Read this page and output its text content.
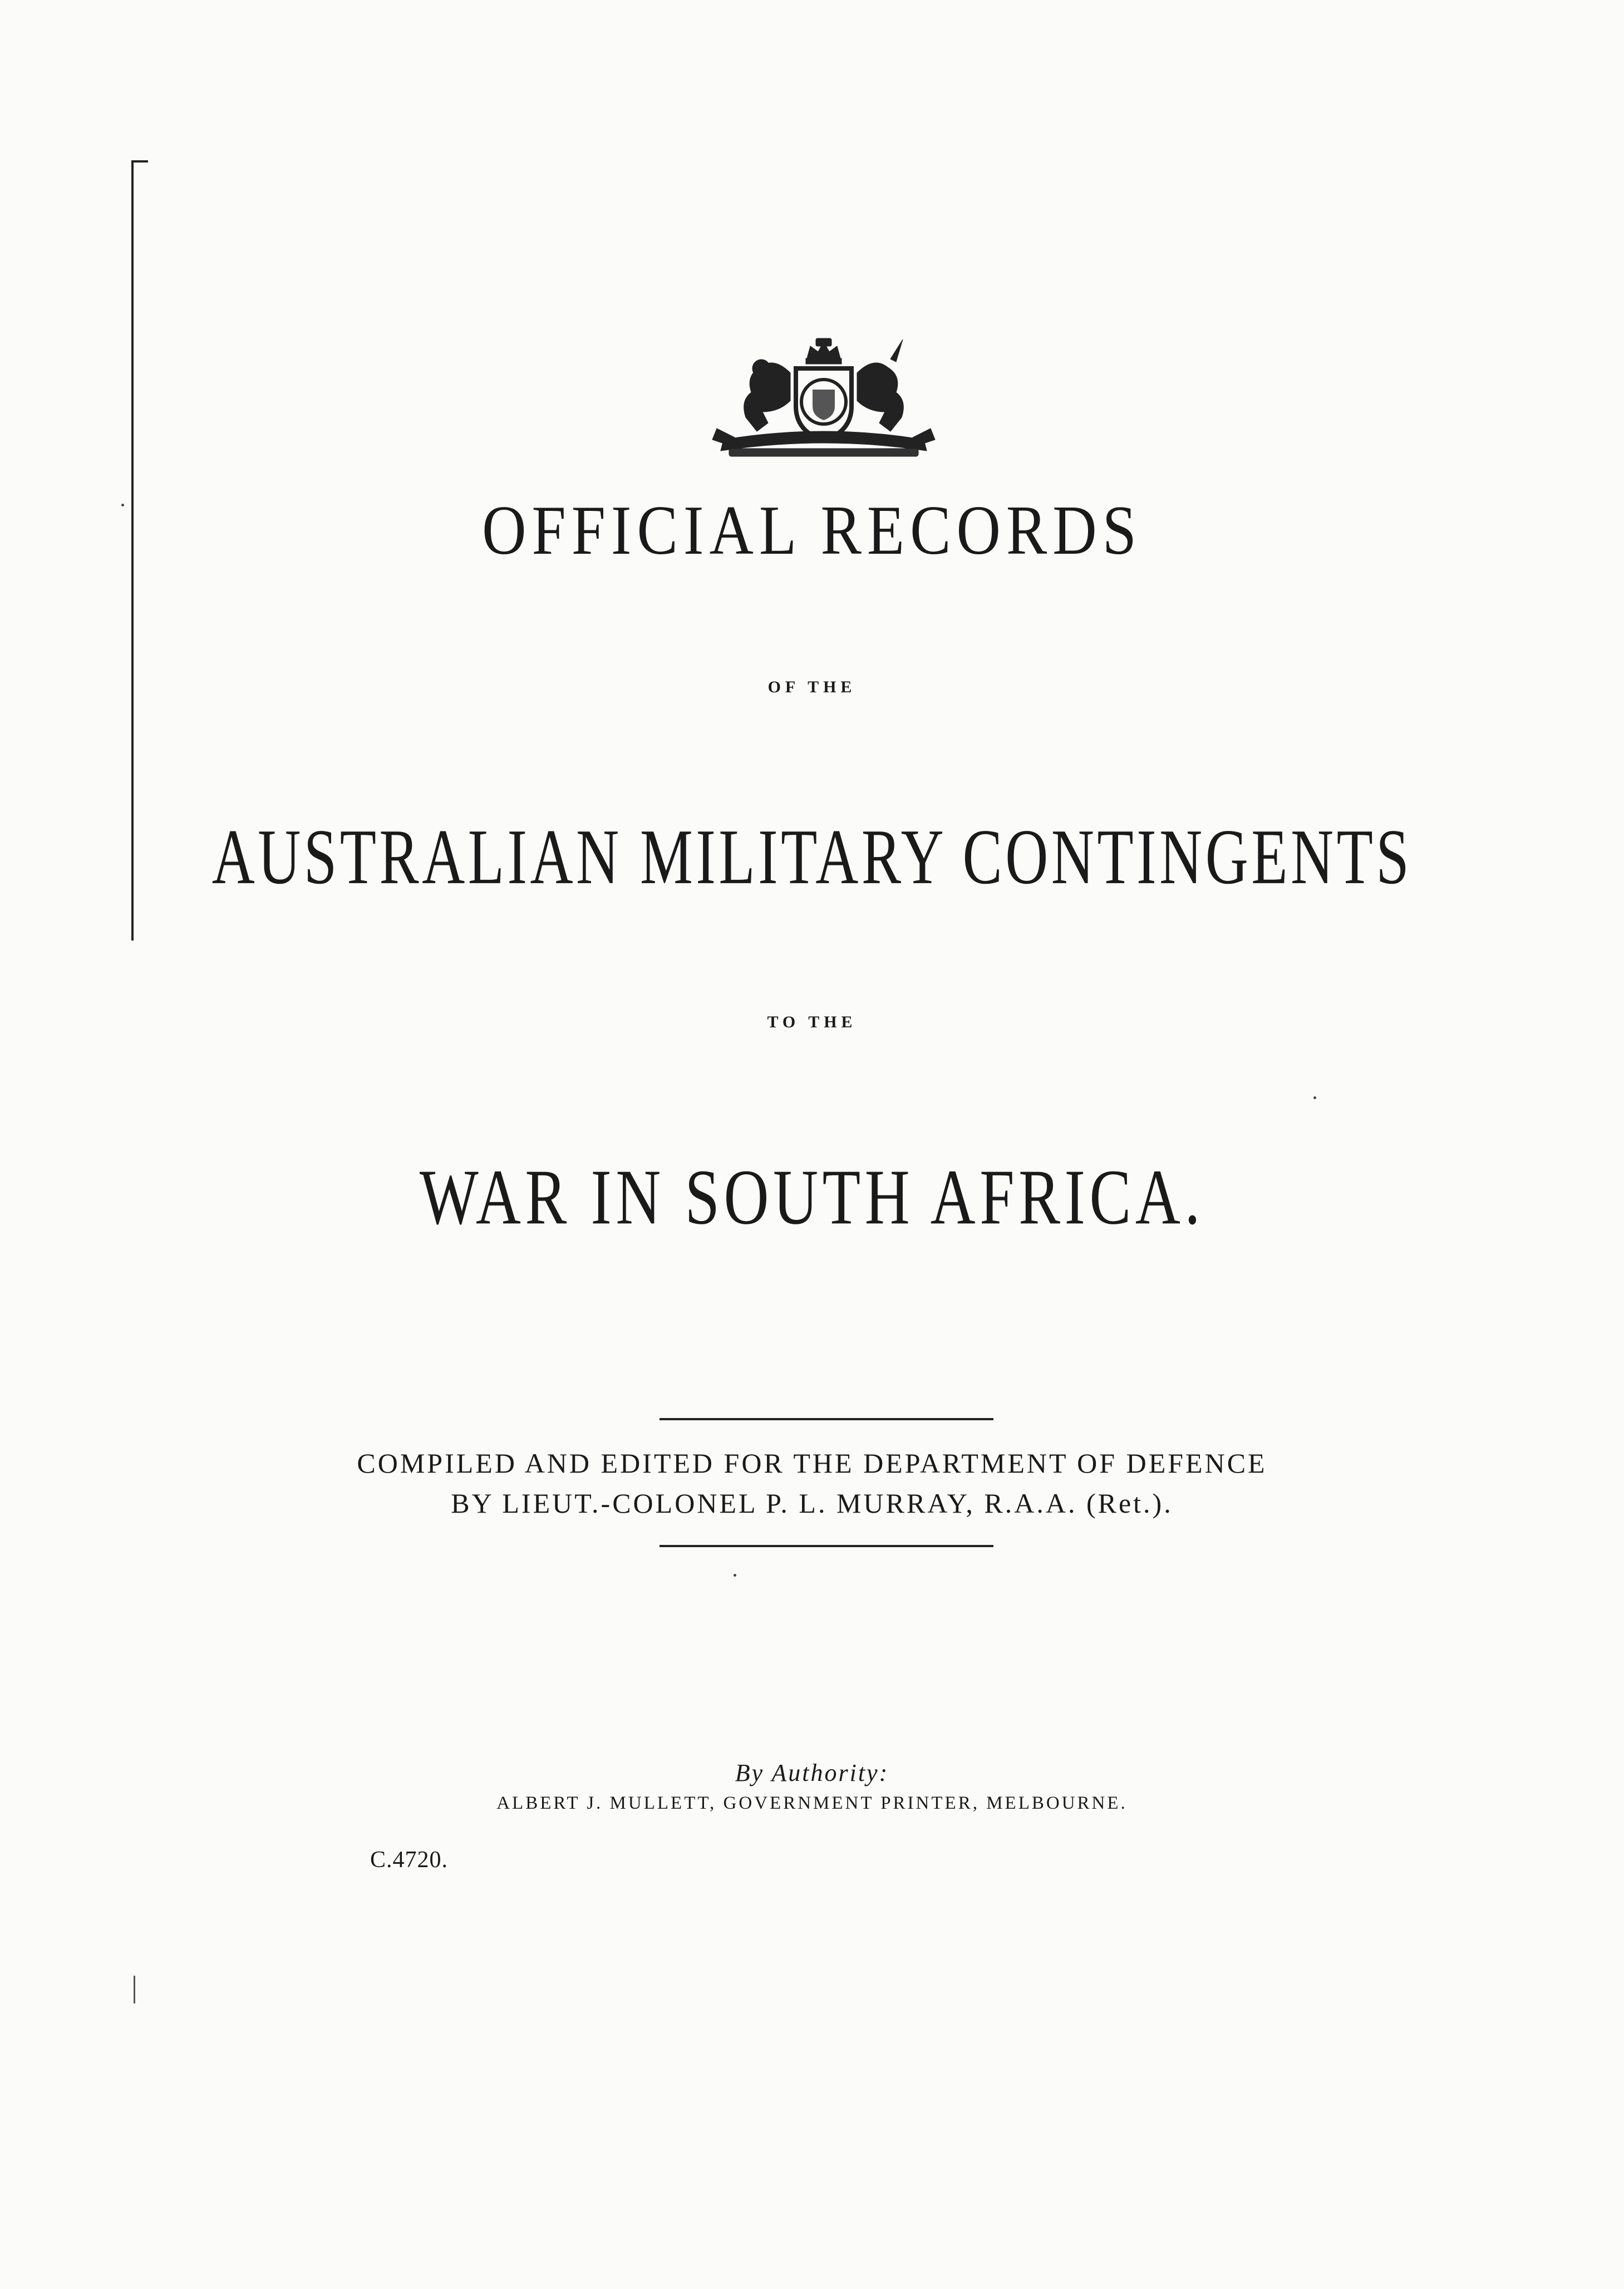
OFFICIAL RECORDS
OF THE
AUSTRALIAN MILITARY CONTINGENTS
TO THE
WAR IN SOUTH AFRICA.
COMPILED AND EDITED FOR THE DEPARTMENT OF DEFENCE
BY LIEUT.-COLONEL P. L. MURRAY, R.A.A. (Ret.).
By Authority:
ALBERT J. MULLETT, GOVERNMENT PRINTER, MELBOURNE.
C.4720.
